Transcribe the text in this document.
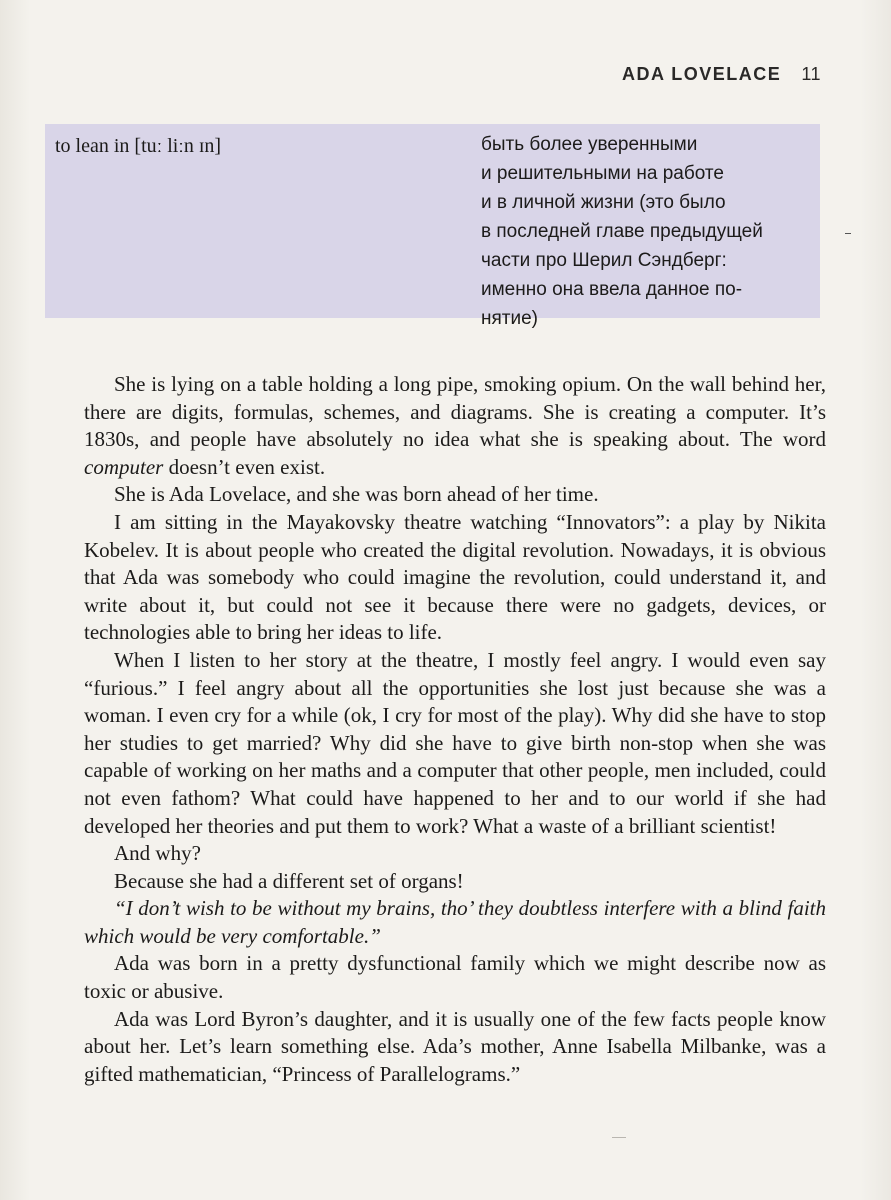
ADA LOVELACE 11
to lean in [tuː liːn ɪn]	быть более уверенными
и решительными на работе
и в личной жизни (это было
в последней главе предыдущей
части про Шерил Сэндберг:
именно она ввела данное по-
нятие)

She is lying on a table holding a long pipe, smoking opium. On the wall behind her, there are digits, formulas, schemes, and diagrams. She is creating a computer. It’s 1830s, and people have absolutely no idea what she is speaking about. The word computer doesn’t even exist.

She is Ada Lovelace, and she was born ahead of her time.

I am sitting in the Mayakovsky theatre watching “Innovators”: a play by Nikita Kobelev. It is about people who created the digital revolution. Nowadays, it is obvious that Ada was somebody who could imagine the revolution, could understand it, and write about it, but could not see it because there were no gadgets, devices, or technologies able to bring her ideas to life.

When I listen to her story at the theatre, I mostly feel angry. I would even say “furious.” I feel angry about all the opportunities she lost just because she was a woman. I even cry for a while (ok, I cry for most of the play). Why did she have to stop her studies to get married? Why did she have to give birth non-stop when she was capable of working on her maths and a computer that other people, men included, could not even fathom? What could have happened to her and to our world if she had developed her theories and put them to work? What a waste of a brilliant scientist!

And why?

Because she had a different set of organs!

“I don’t wish to be without my brains, tho’ they doubtless interfere with a blind faith which would be very comfortable.”

Ada was born in a pretty dysfunctional family which we might describe now as toxic or abusive.

Ada was Lord Byron’s daughter, and it is usually one of the few facts people know about her. Let’s learn something else. Ada’s mother, Anne Isabella Milbanke, was a gifted mathematician, “Princess of Parallelograms.”
